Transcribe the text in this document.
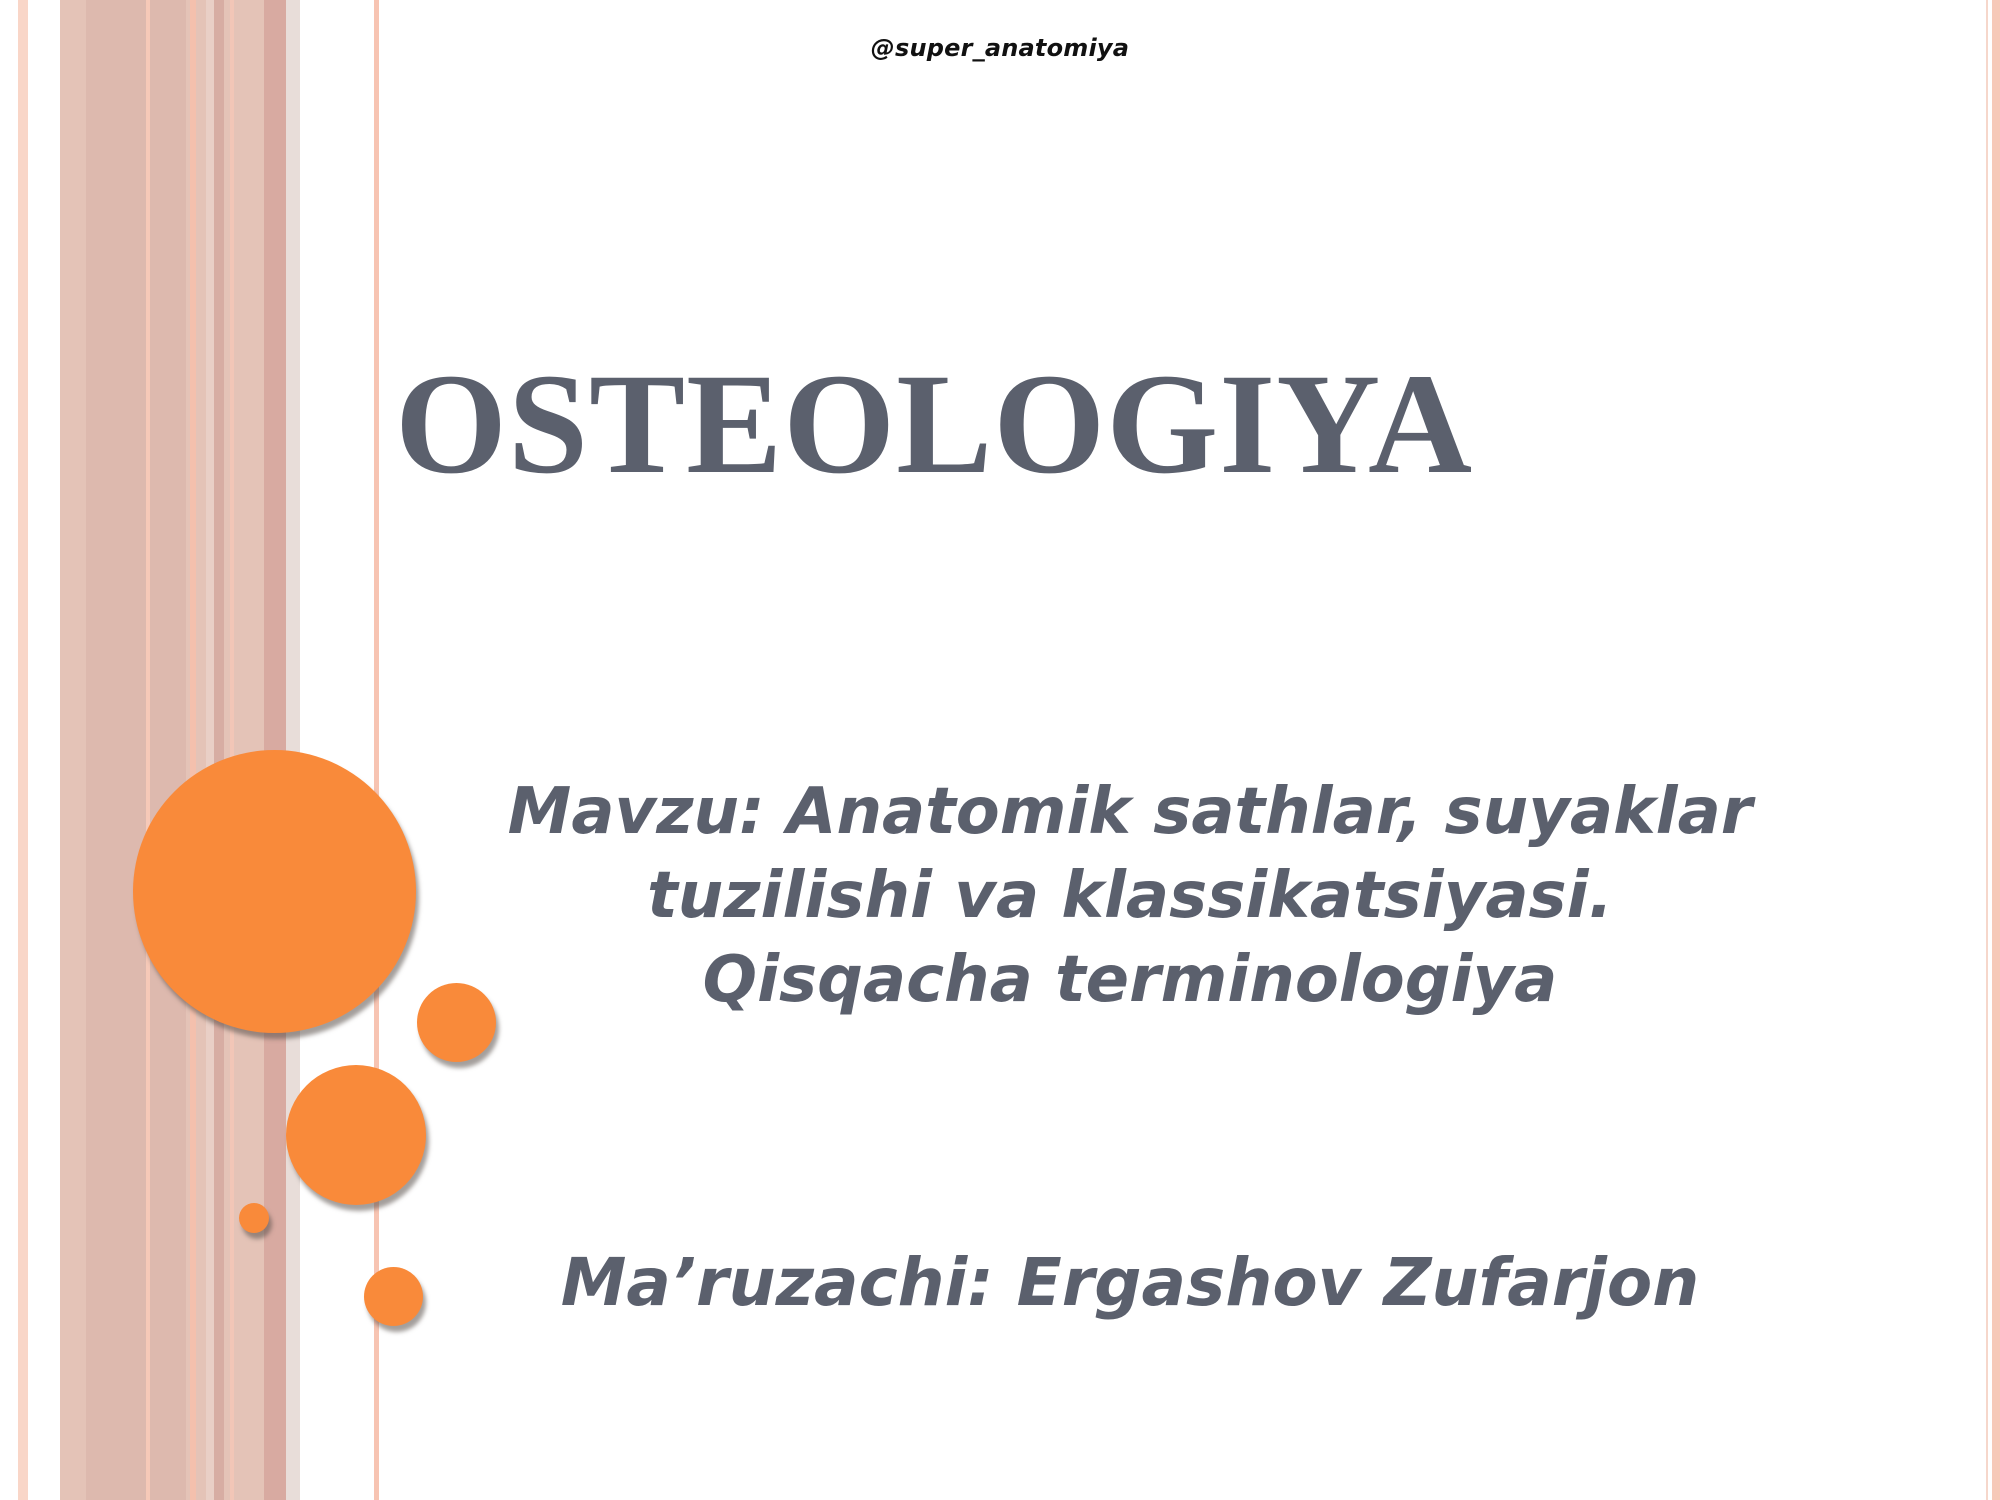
@super_anatomiya
OSTEOLOGIYA
Mavzu: Anatomik sathlar, suyaklar
tuzilishi va klassikatsiyasi.
Qisqacha terminologiya
Ma’ruzachi: Ergashov Zufarjon
